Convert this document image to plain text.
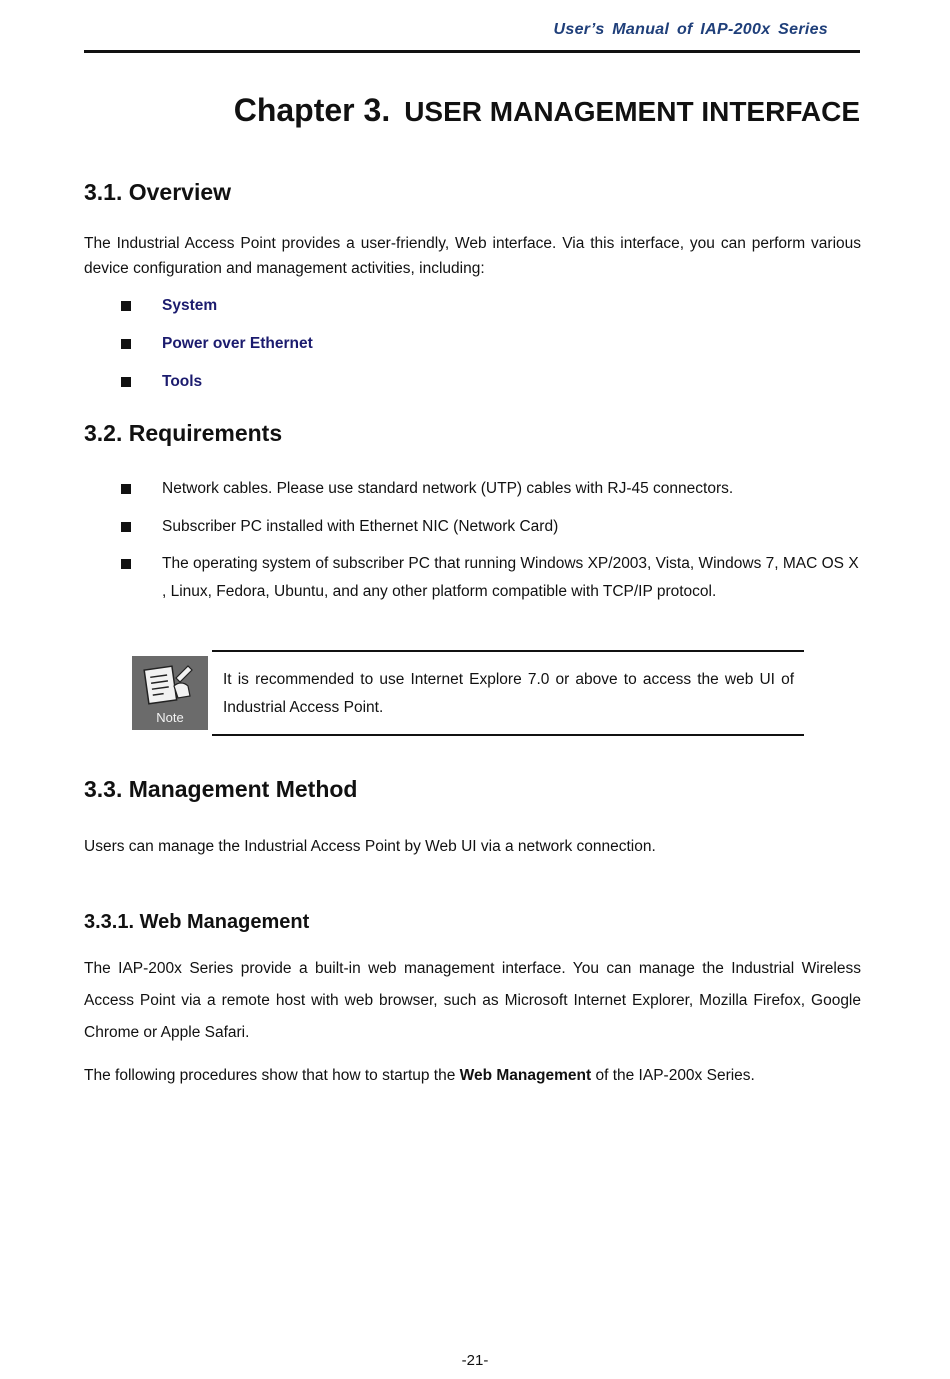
User’s Manual of IAP-200x Series
Chapter 3. USER MANAGEMENT INTERFACE
3.1. Overview

The Industrial Access Point provides a user-friendly, Web interface. Via this interface, you can perform various device configuration and management activities, including:

System
Power over Ethernet
Tools
3.2. Requirements
Network cables. Please use standard network (UTP) cables with RJ-45 connectors.
Subscriber PC installed with Ethernet NIC (Network Card)
The operating system of subscriber PC that running Windows XP/2003, Vista, Windows 7, MAC OS X , Linux, Fedora, Ubuntu, and any other platform compatible with TCP/IP protocol.
Note

It is recommended to use Internet Explore 7.0 or above to access the web UI of Industrial Access Point.

3.3. Management Method

Users can manage the Industrial Access Point by Web UI via a network connection.

3.3.1. Web Management

The IAP-200x Series provide a built-in web management interface. You can manage the Industrial Wireless Access Point via a remote host with web browser, such as Microsoft Internet Explorer, Mozilla Firefox, Google Chrome or Apple Safari.

The following procedures show that how to startup the Web Management of the IAP-200x Series.

-21-
